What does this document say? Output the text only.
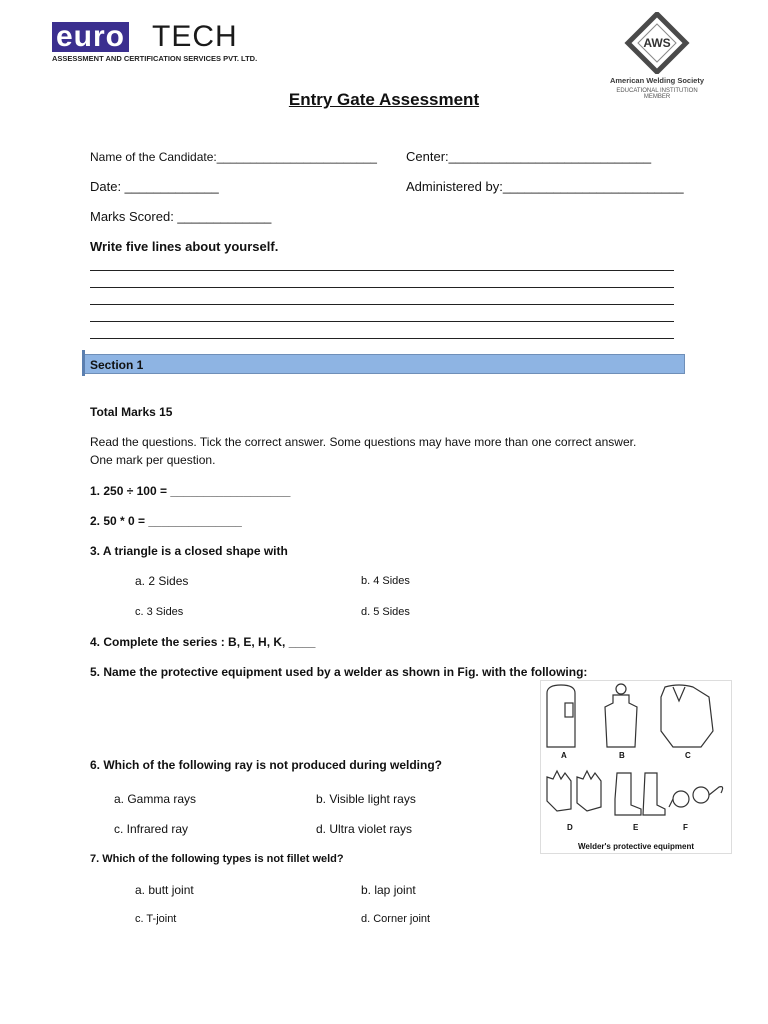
euro TECH
ASSESSMENT AND CERTIFICATION SERVICES PVT. LTD.
AWS
American Welding Society
EDUCATIONAL INSTITUTION MEMBER
Entry Gate Assessment
Name of the Candidate:________________________ Center:____________________________
Date: _____________	Administered by:_________________________
Marks Scored: _____________
Write five lines about yourself.
Section 1
Total Marks 15
Read the questions. Tick the correct answer. Some questions may have more than one correct answer.
One mark per question.
1. 250 ÷ 100 = __________________
2. 50 * 0 = ______________
3. A triangle is a closed shape with
a. 2 Sides	b. 4 Sides
c. 3 Sides	d. 5 Sides
4. Complete the series : B, E, H, K, ____
5. Name the protective equipment used by a welder as shown in Fig. with the following:
A	B	C
D	E	F
Welder's protective equipment
6. Which of the following ray is not produced during welding?
a. Gamma rays	b. Visible light rays
c. Infrared ray	d. Ultra violet rays
7. Which of the following types is not fillet weld?
a. butt joint	b. lap joint
c. T-joint	d. Corner joint
